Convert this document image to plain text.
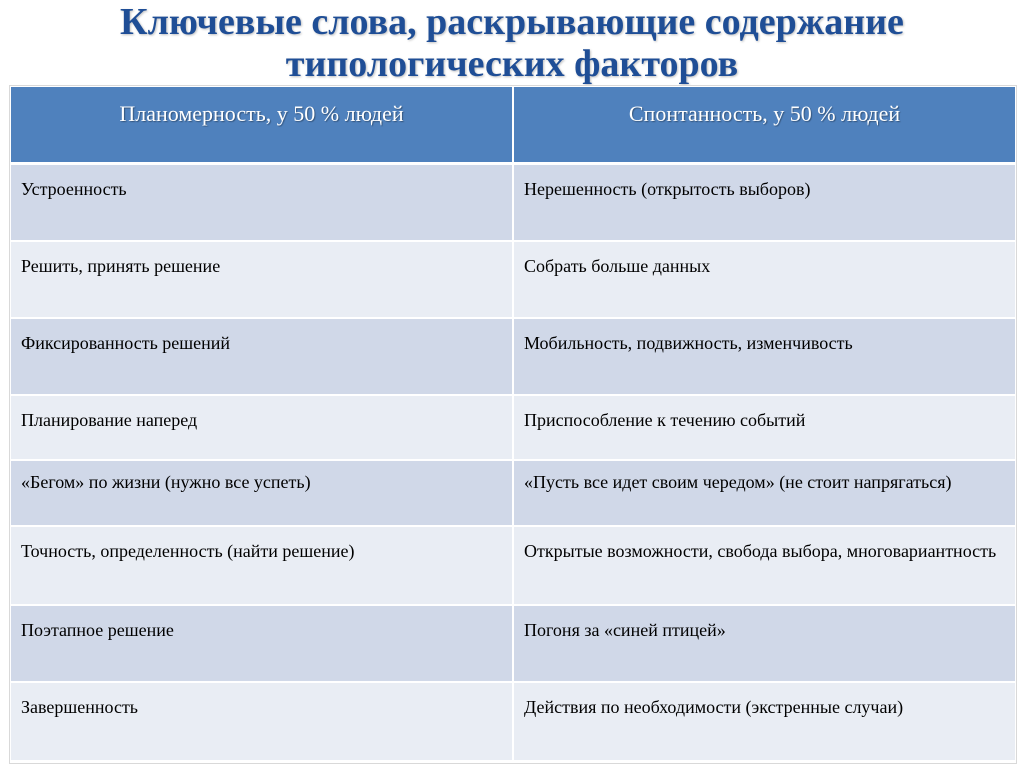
Ключевые слова, раскрывающие содержание
типологических факторов
Планомерность, у 50 % людей	Спонтанность, у 50 % людей
Устроенность	Нерешенность (открытость выборов)
Решить, принять решение	Собрать больше данных
Фиксированность решений	Мобильность, подвижность, изменчивость
Планирование наперед	Приспособление к течению событий
«Бегом» по жизни (нужно все успеть)	«Пусть все идет своим чередом» (не стоит напрягаться)
Точность, определенность (найти решение)	Открытые возможности, свобода выбора, многовариантность
Поэтапное решение	Погоня за «синей птицей»
Завершенность	Действия по необходимости (экстренные случаи)
